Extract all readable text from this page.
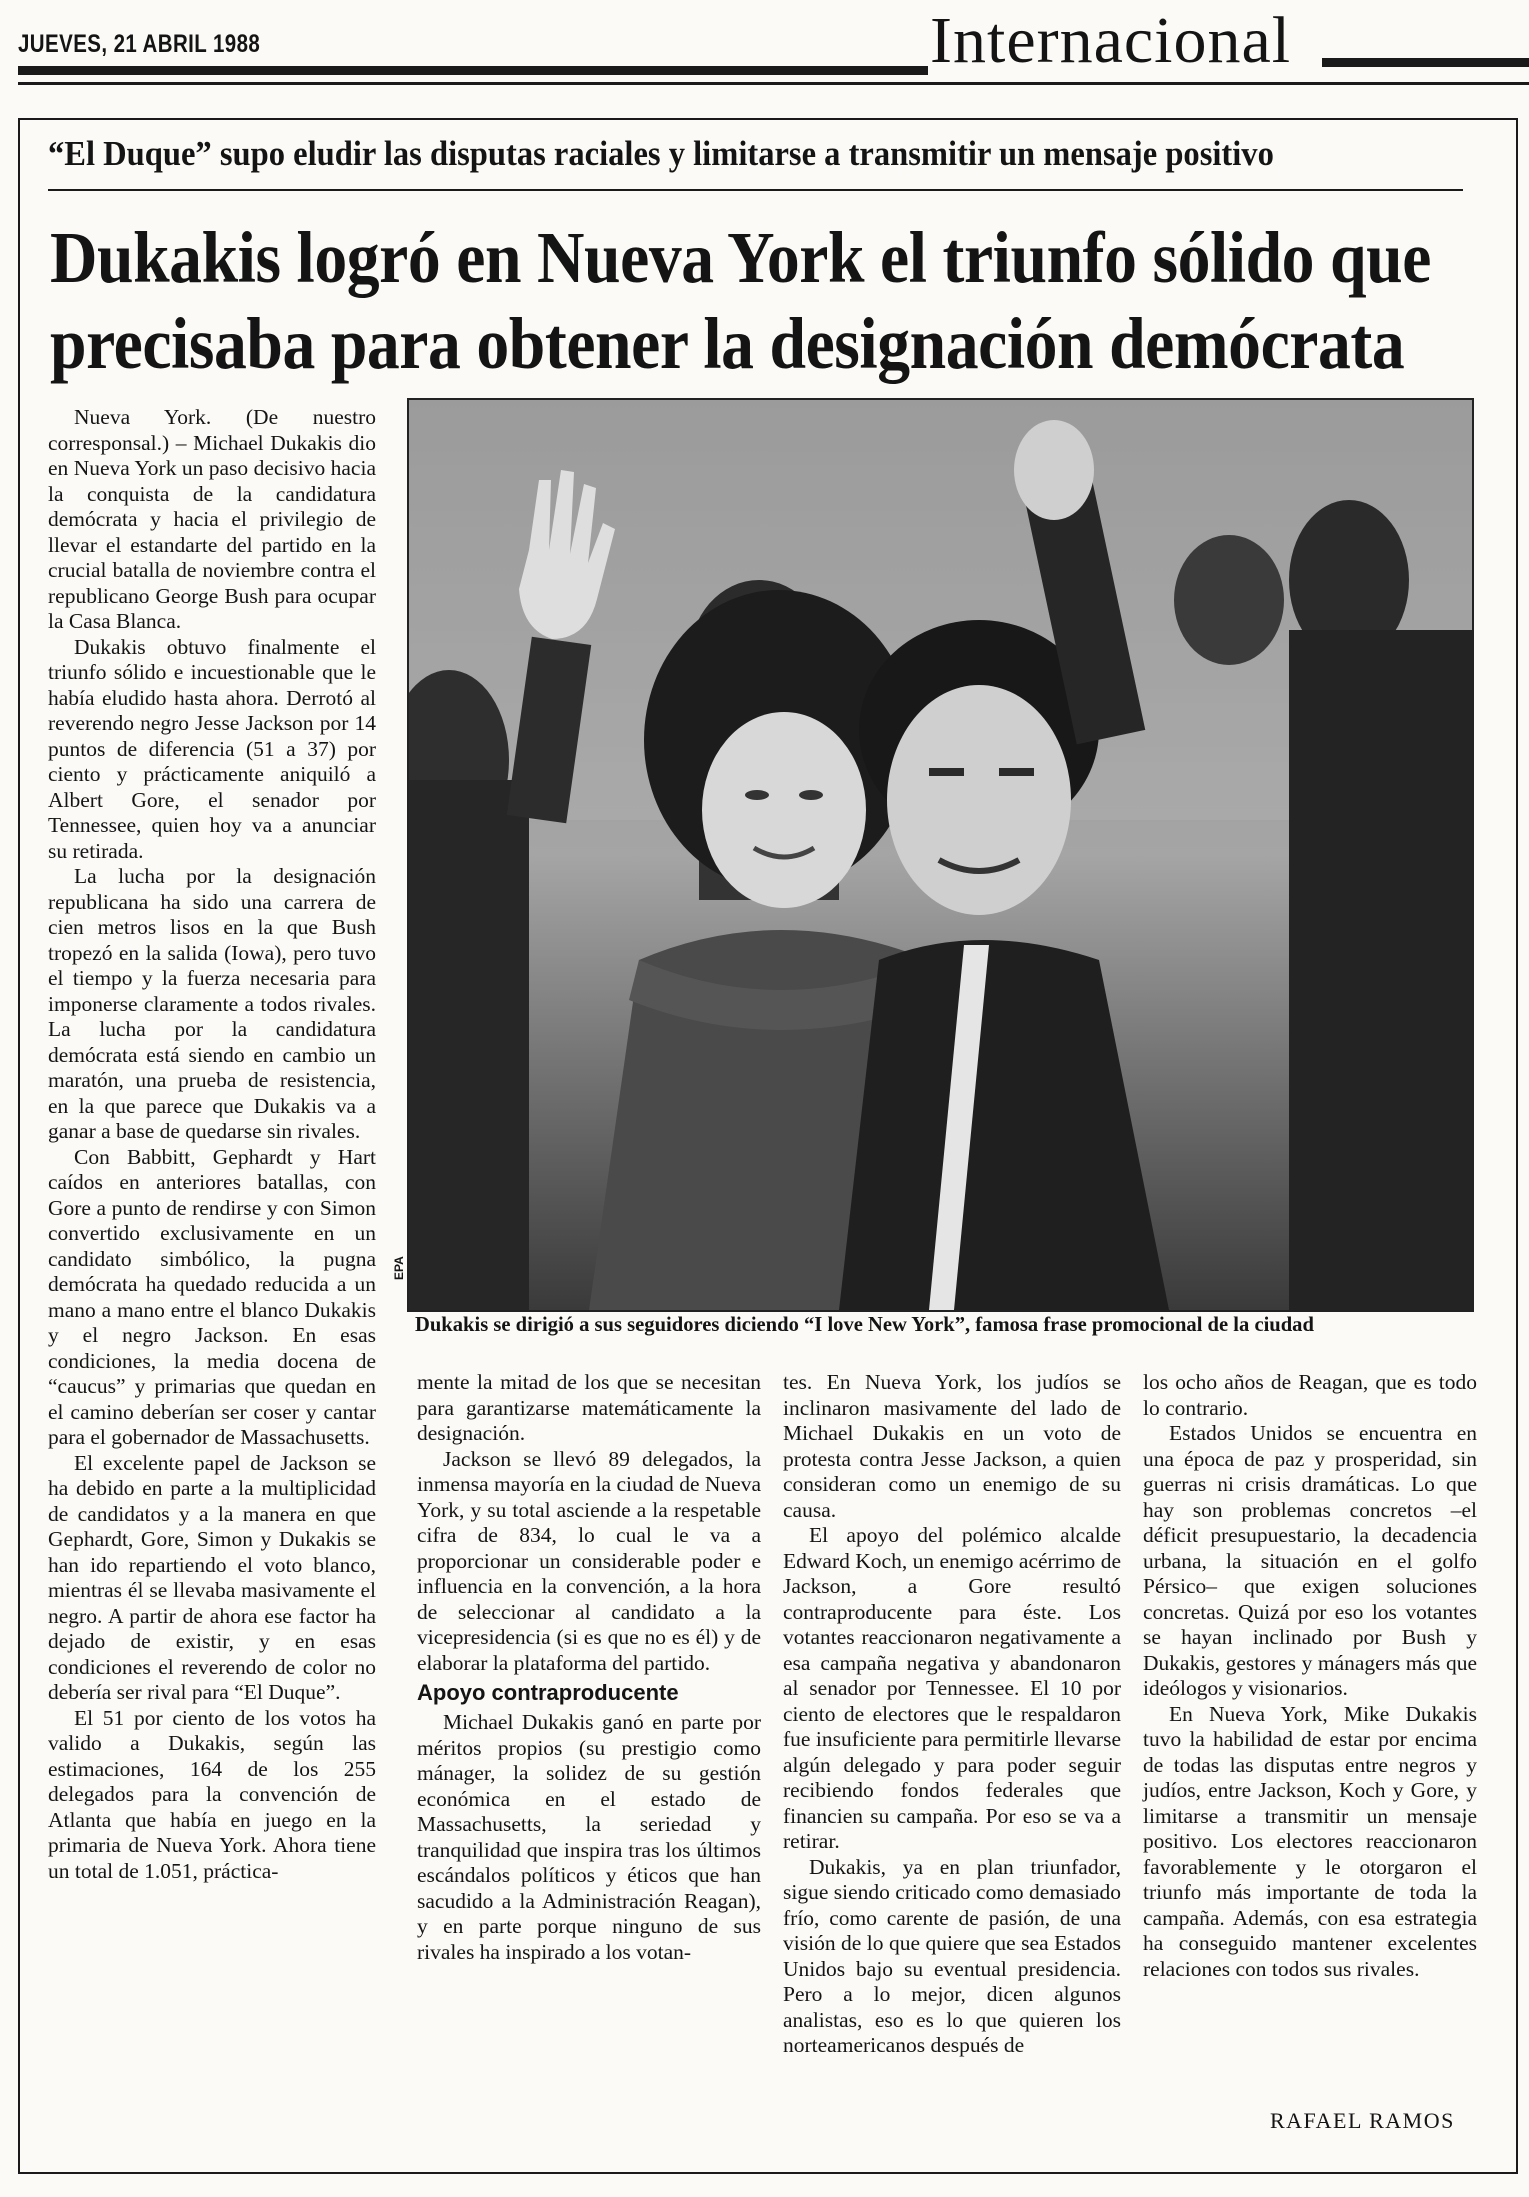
JUEVES, 21 ABRIL 1988	Internacional
“El Duque” supo eludir las disputas raciales y limitarse a transmitir un mensaje positivo
Dukakis logró en Nueva York el triunfo sólido que
precisaba para obtener la designación demócrata
EPA
Dukakis se dirigió a sus seguidores diciendo “I love New York”, famosa frase promocional de la ciudad

Nueva York. (De nuestro corresponsal.) – Michael Dukakis dio en Nueva York un paso decisivo hacia la conquista de la candidatura demócrata y hacia el privilegio de llevar el estandarte del partido en la crucial batalla de noviembre contra el republicano George Bush para ocupar la Casa Blanca.

Dukakis obtuvo finalmente el triunfo sólido e incuestionable que le había eludido hasta ahora. Derrotó al reverendo negro Jesse Jackson por 14 puntos de diferencia (51 a 37) por ciento y prácticamente aniquiló a Albert Gore, el senador por Tennessee, quien hoy va a anunciar su retirada.

La lucha por la designación republicana ha sido una carrera de cien metros lisos en la que Bush tropezó en la salida (Iowa), pero tuvo el tiempo y la fuerza necesaria para imponerse claramente a todos rivales. La lucha por la candidatura demócrata está siendo en cambio un maratón, una prueba de resistencia, en la que parece que Dukakis va a ganar a base de quedarse sin rivales.

Con Babbitt, Gephardt y Hart caídos en anteriores batallas, con Gore a punto de rendirse y con Simon convertido exclusivamente en un candidato simbólico, la pugna demócrata ha quedado reducida a un mano a mano entre el blanco Dukakis y el negro Jackson. En esas condiciones, la media docena de “caucus” y primarias que quedan en el camino deberían ser coser y cantar para el gobernador de Massachusetts.

El excelente papel de Jackson se ha debido en parte a la multiplicidad de candidatos y a la manera en que Gephardt, Gore, Simon y Dukakis se han ido repartiendo el voto blanco, mientras él se llevaba masivamente el negro. A partir de ahora ese factor ha dejado de existir, y en esas condiciones el reverendo de color no debería ser rival para “El Duque”.

El 51 por ciento de los votos ha valido a Dukakis, según las estimaciones, 164 de los 255 delegados para la convención de Atlanta que había en juego en la primaria de Nueva York. Ahora tiene un total de 1.051, práctica-

mente la mitad de los que se necesitan para garantizarse matemáticamente la designación.

Jackson se llevó 89 delegados, la inmensa mayoría en la ciudad de Nueva York, y su total asciende a la respetable cifra de 834, lo cual le va a proporcionar un considerable poder e influencia en la convención, a la hora de seleccionar al candidato a la vicepresidencia (si es que no es él) y de elaborar la plataforma del partido.

Apoyo contraproducente

Michael Dukakis ganó en parte por méritos propios (su prestigio como mánager, la solidez de su gestión económica en el estado de Massachusetts, la seriedad y tranquilidad que inspira tras los últimos escándalos políticos y éticos que han sacudido a la Administración Reagan), y en parte porque ninguno de sus rivales ha inspirado a los votan-

tes. En Nueva York, los judíos se inclinaron masivamente del lado de Michael Dukakis en un voto de protesta contra Jesse Jackson, a quien consideran como un enemigo de su causa.

El apoyo del polémico alcalde Edward Koch, un enemigo acérrimo de Jackson, a Gore resultó contraproducente para éste. Los votantes reaccionaron negativamente a esa campaña negativa y abandonaron al senador por Tennessee. El 10 por ciento de electores que le respaldaron fue insuficiente para permitirle llevarse algún delegado y para poder seguir recibiendo fondos federales que financien su campaña. Por eso se va a retirar.

Dukakis, ya en plan triunfador, sigue siendo criticado como demasiado frío, como carente de pasión, de una visión de lo que quiere que sea Estados Unidos bajo su eventual presidencia. Pero a lo mejor, dicen algunos analistas, eso es lo que quieren los norteamericanos después de

los ocho años de Reagan, que es todo lo contrario.

Estados Unidos se encuentra en una época de paz y prosperidad, sin guerras ni crisis dramáticas. Lo que hay son problemas concretos –el déficit presupuestario, la decadencia urbana, la situación en el golfo Pérsico– que exigen soluciones concretas. Quizá por eso los votantes se hayan inclinado por Bush y Dukakis, gestores y mánagers más que ideólogos y visionarios.

En Nueva York, Mike Dukakis tuvo la habilidad de estar por encima de todas las disputas entre negros y judíos, entre Jackson, Koch y Gore, y limitarse a transmitir un mensaje positivo. Los electores reaccionaron favorablemente y le otorgaron el triunfo más importante de toda la campaña. Además, con esa estrategia ha conseguido mantener excelentes relaciones con todos sus rivales.

RAFAEL RAMOS
